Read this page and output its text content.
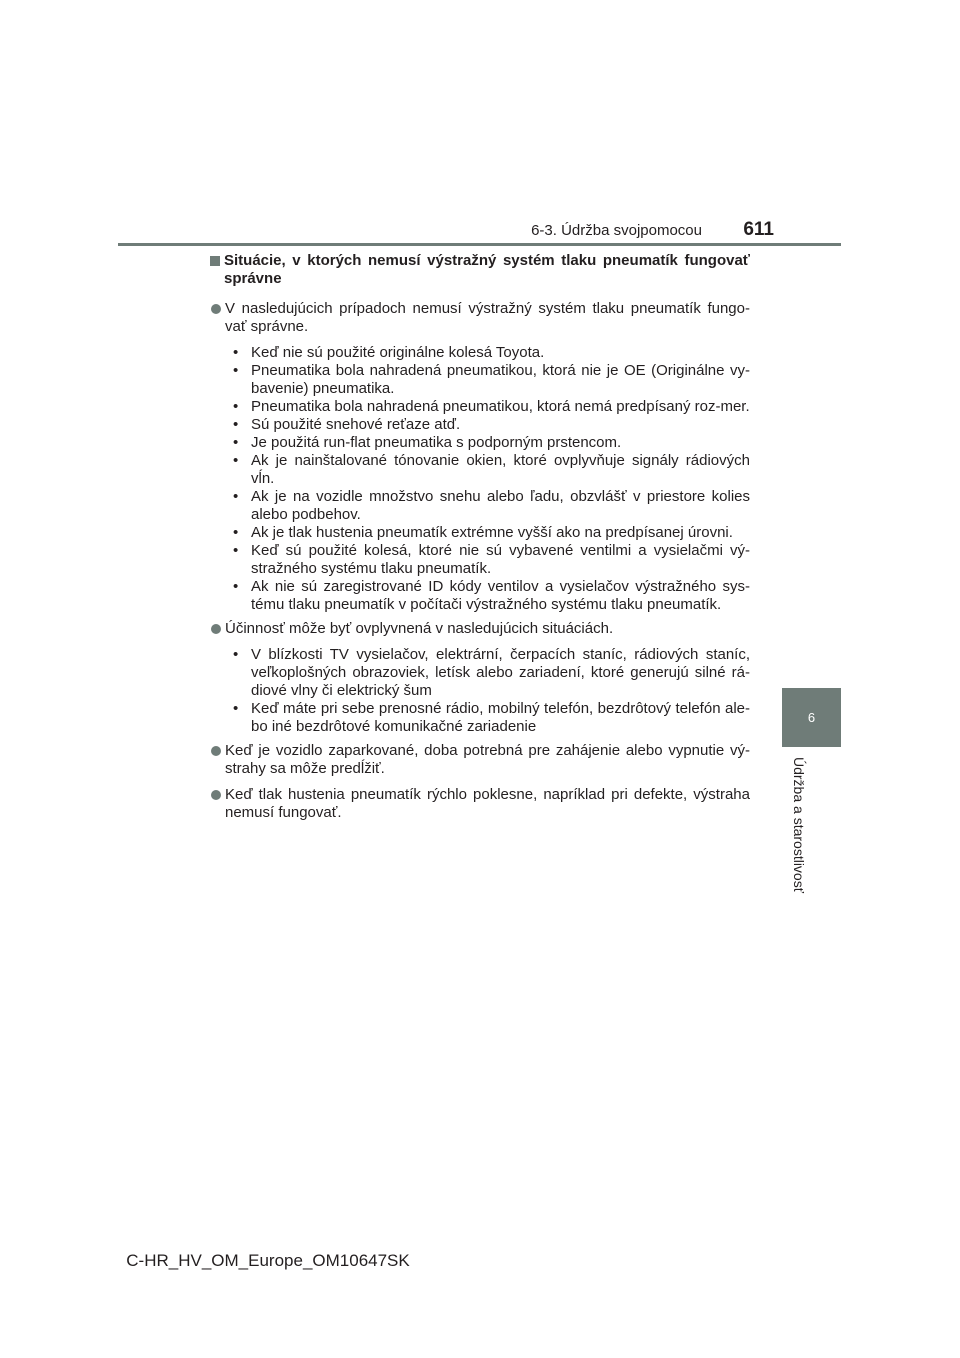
6-3. Údržba svojpomocou	611
6
Údržba a starostlivosť
Situácie, v ktorých nemusí výstražný systém tlaku pneumatík fungovať správne
V nasledujúcich prípadoch nemusí výstražný systém tlaku pneumatík fungo-vať správne.
• Keď nie sú použité originálne kolesá Toyota.
• Pneumatika bola nahradená pneumatikou, ktorá nie je OE (Originálne vy-bavenie) pneumatika.
• Pneumatika bola nahradená pneumatikou, ktorá nemá predpísaný roz-mer.
• Sú použité snehové reťaze atď.
• Je použitá run-flat pneumatika s podporným prstencom.
• Ak je nainštalované tónovanie okien, ktoré ovplyvňuje signály rádiových vĺn.
• Ak je na vozidle množstvo snehu alebo ľadu, obzvlášť v priestore kolies alebo podbehov.
• Ak je tlak hustenia pneumatík extrémne vyšší ako na predpísanej úrovni.
• Keď sú použité kolesá, ktoré nie sú vybavené ventilmi a vysielačmi vý-stražného systému tlaku pneumatík.
• Ak nie sú zaregistrované ID kódy ventilov a vysielačov výstražného sys-tému tlaku pneumatík v počítači výstražného systému tlaku pneumatík.
Účinnosť môže byť ovplyvnená v nasledujúcich situáciách.
• V blízkosti TV vysielačov, elektrární, čerpacích staníc, rádiových staníc, veľkoplošných obrazoviek, letísk alebo zariadení, ktoré generujú silné rá-diové vlny či elektrický šum
• Keď máte pri sebe prenosné rádio, mobilný telefón, bezdrôtový telefón ale-bo iné bezdrôtové komunikačné zariadenie
Keď je vozidlo zaparkované, doba potrebná pre zahájenie alebo vypnutie vý-strahy sa môže predĺžiť.
Keď tlak hustenia pneumatík rýchlo poklesne, napríklad pri defekte, výstraha nemusí fungovať.
C-HR_HV_OM_Europe_OM10647SK
